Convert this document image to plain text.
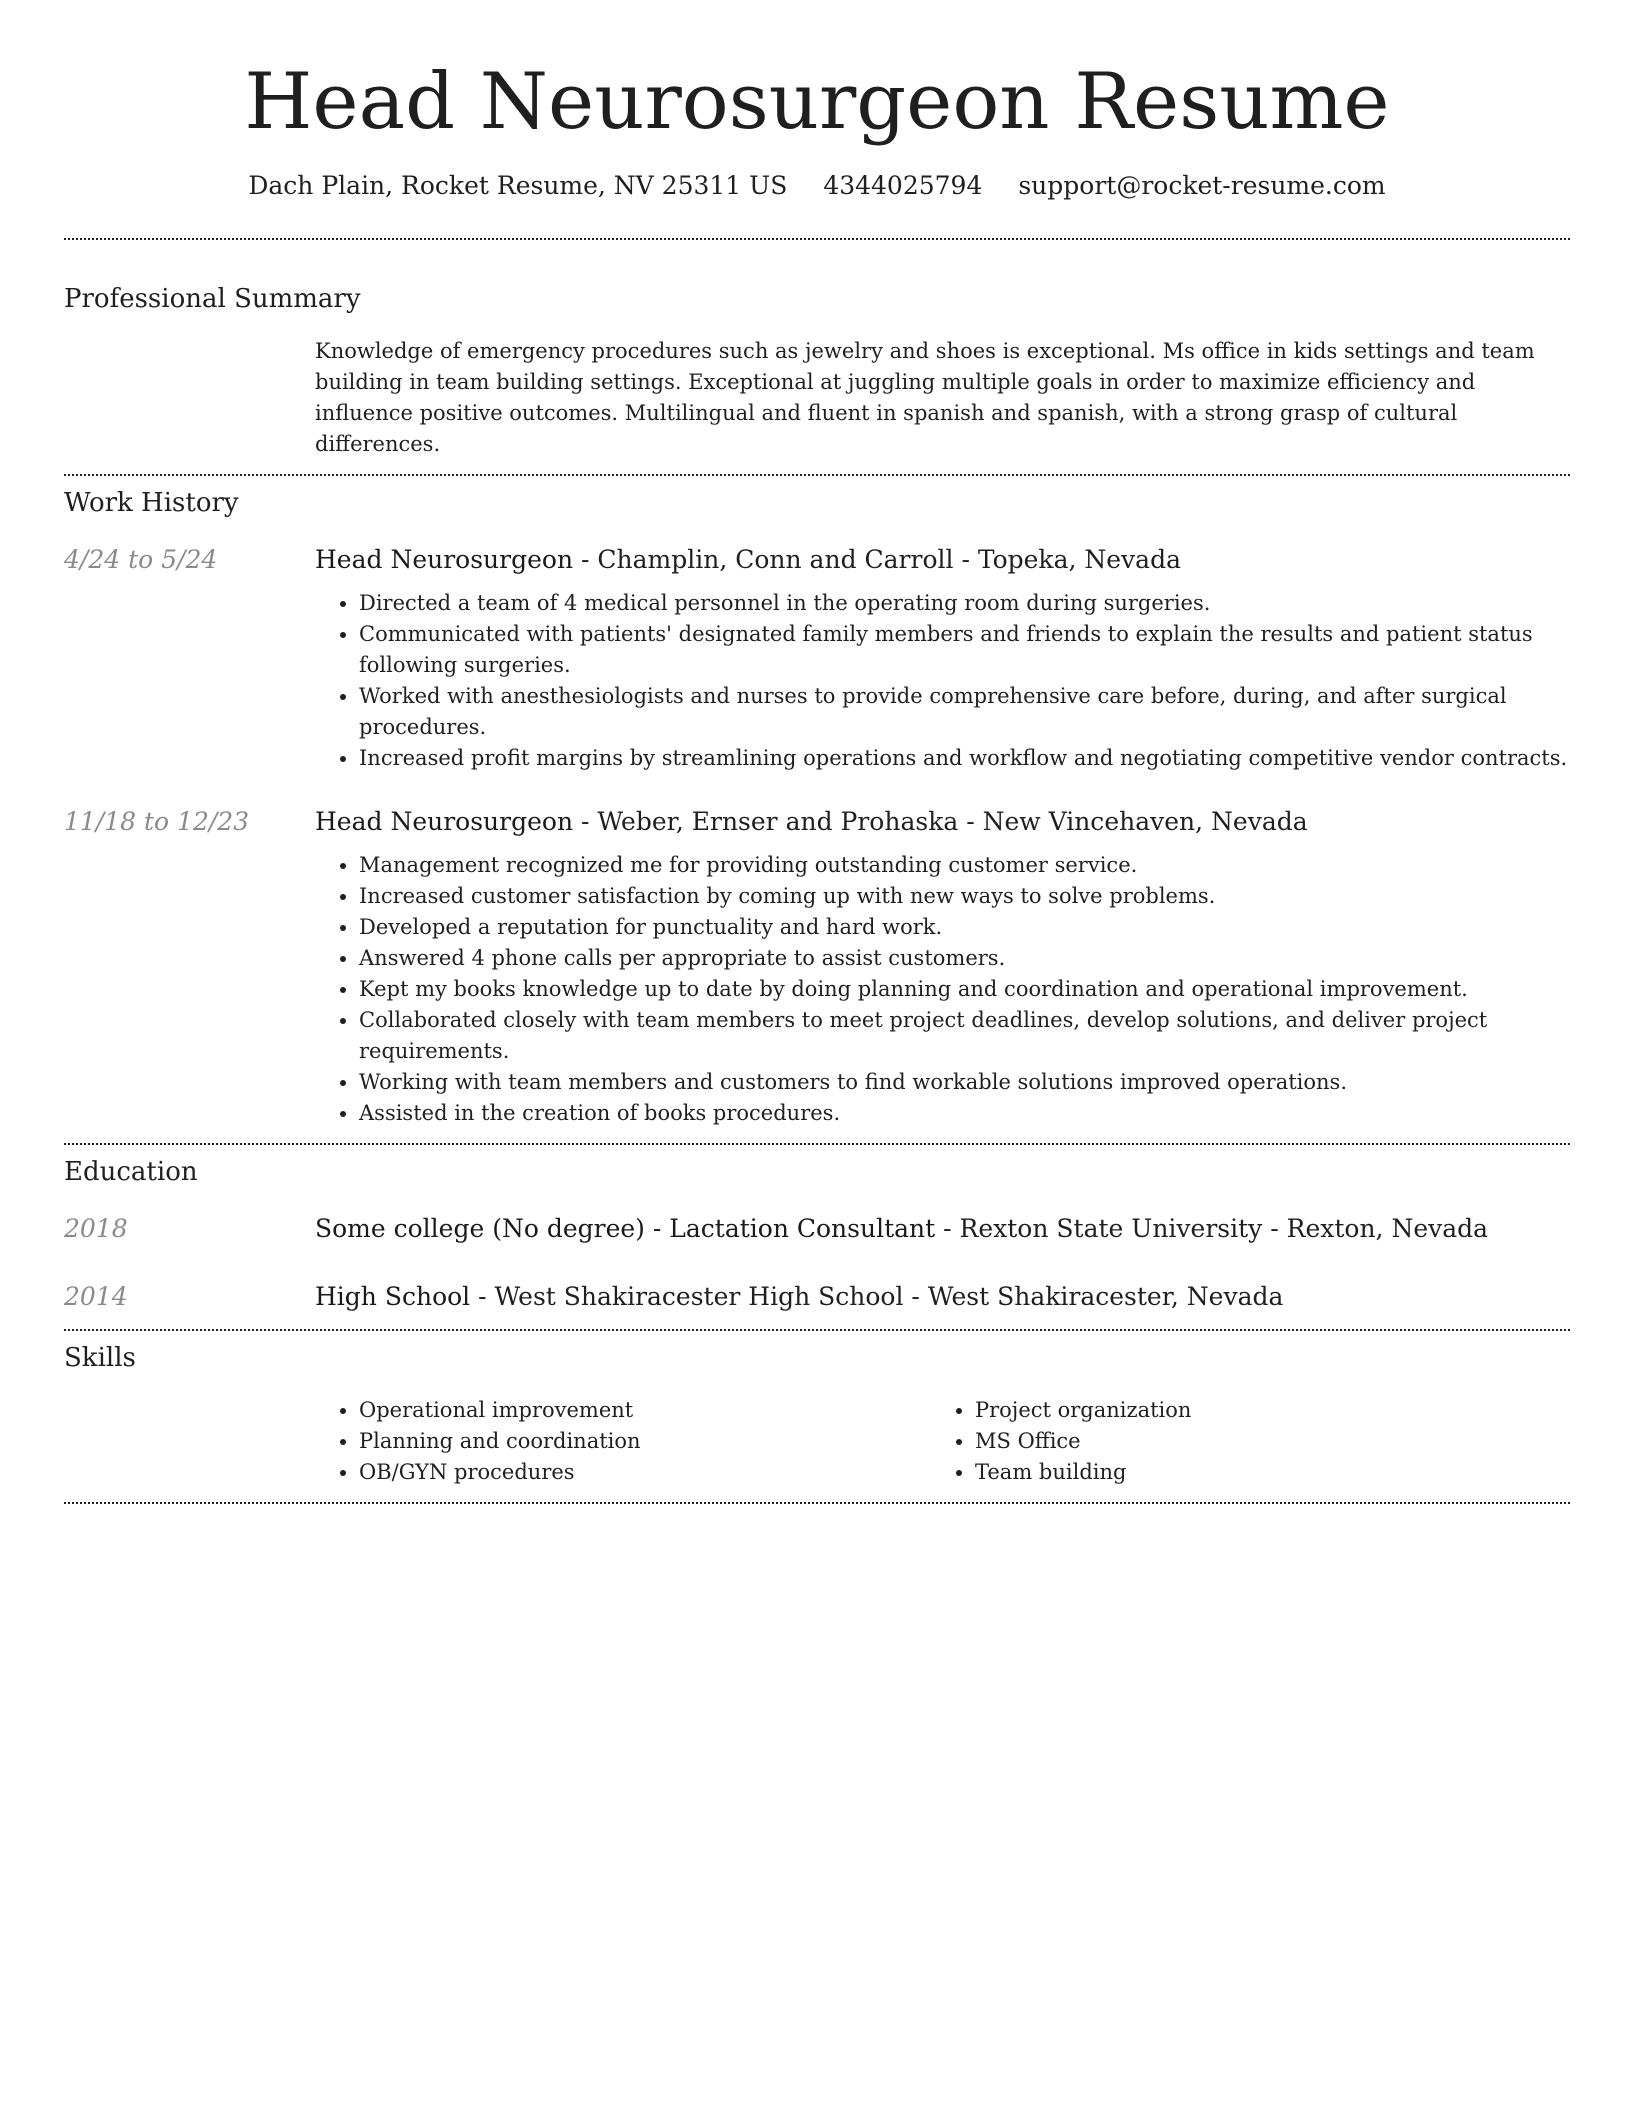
Head Neurosurgeon Resume
Dach Plain, Rocket Resume, NV 25311 US 4344025794 support@rocket-resume.com
Professional Summary
Knowledge of emergency procedures such as jewelry and shoes is exceptional. Ms office in kids settings and team building in team building settings. Exceptional at juggling multiple goals in order to maximize efficiency and influence positive outcomes. Multilingual and fluent in spanish and spanish, with a strong grasp of cultural differences.
Work History
4/24 to 5/24	Head Neurosurgeon - Champlin, Conn and Carroll - Topeka, Nevada
• Directed a team of 4 medical personnel in the operating room during surgeries.
• Communicated with patients' designated family members and friends to explain the results and patient status following surgeries.
• Worked with anesthesiologists and nurses to provide comprehensive care before, during, and after surgical procedures.
• Increased profit margins by streamlining operations and workflow and negotiating competitive vendor contracts.
11/18 to 12/23	Head Neurosurgeon - Weber, Ernser and Prohaska - New Vincehaven, Nevada
• Management recognized me for providing outstanding customer service.
• Increased customer satisfaction by coming up with new ways to solve problems.
• Developed a reputation for punctuality and hard work.
• Answered 4 phone calls per appropriate to assist customers.
• Kept my books knowledge up to date by doing planning and coordination and operational improvement.
• Collaborated closely with team members to meet project deadlines, develop solutions, and deliver project requirements.
• Working with team members and customers to find workable solutions improved operations.
• Assisted in the creation of books procedures.
Education
2018	Some college (No degree) - Lactation Consultant - Rexton State University - Rexton, Nevada
2014	High School - West Shakiracester High School - West Shakiracester, Nevada
Skills
• Operational improvement
• Planning and coordination
• OB/GYN procedures
• Project organization
• MS Office
• Team building
